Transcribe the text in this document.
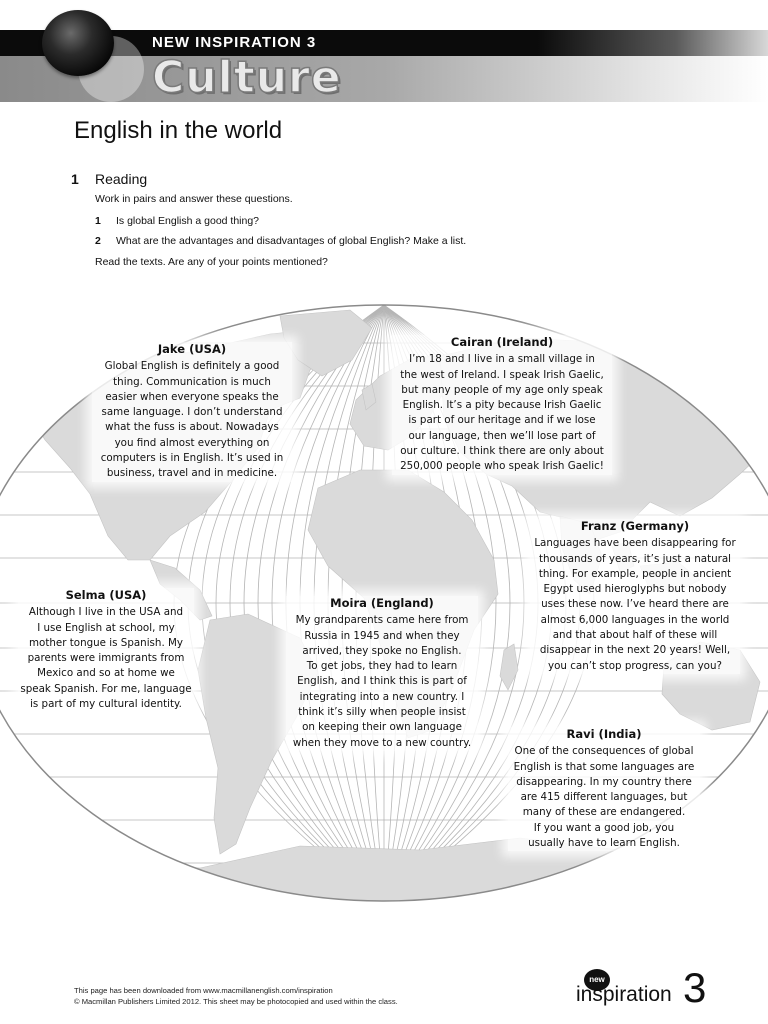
NEW INSPIRATION 3
Culture
English in the world
1 Reading
Work in pairs and answer these questions.
1 Is global English a good thing?
2 What are the advantages and disadvantages of global English? Make a list.
Read the texts. Are any of your points mentioned?
Jake (USA)

Global English is definitely a good

thing. Communication is much

easier when everyone speaks the

same language. I don’t understand

what the fuss is about. Nowadays

you find almost everything on

computers is in English. It’s used in

business, travel and in medicine.

Cairan (Ireland)

I’m 18 and I live in a small village in

the west of Ireland. I speak Irish Gaelic,

but many people of my age only speak

English. It’s a pity because Irish Gaelic

is part of our heritage and if we lose

our language, then we’ll lose part of

our culture. I think there are only about

250,000 people who speak Irish Gaelic!

Franz (Germany)

Languages have been disappearing for

thousands of years, it’s just a natural

thing. For example, people in ancient

Egypt used hieroglyphs but nobody

uses these now. I’ve heard there are

almost 6,000 languages in the world

and that about half of these will

disappear in the next 20 years! Well,

you can’t stop progress, can you?

Selma (USA)

Although I live in the USA and

I use English at school, my

mother tongue is Spanish. My

parents were immigrants from

Mexico and so at home we

speak Spanish. For me, language

is part of my cultural identity.

Moira (England)

My grandparents came here from

Russia in 1945 and when they

arrived, they spoke no English.

To get jobs, they had to learn

English, and I think this is part of

integrating into a new country. I

think it’s silly when people insist

on keeping their own language

when they move to a new country.

Ravi (India)

One of the consequences of global

English is that some languages are

disappearing. In my country there

are 415 different languages, but

many of these are endangered.

If you want a good job, you

usually have to learn English.

This page has been downloaded from www.macmillanenglish.com/inspiration
© Macmillan Publishers Limited 2012. This sheet may be photocopied and used within the class.
new
inspiration 3
